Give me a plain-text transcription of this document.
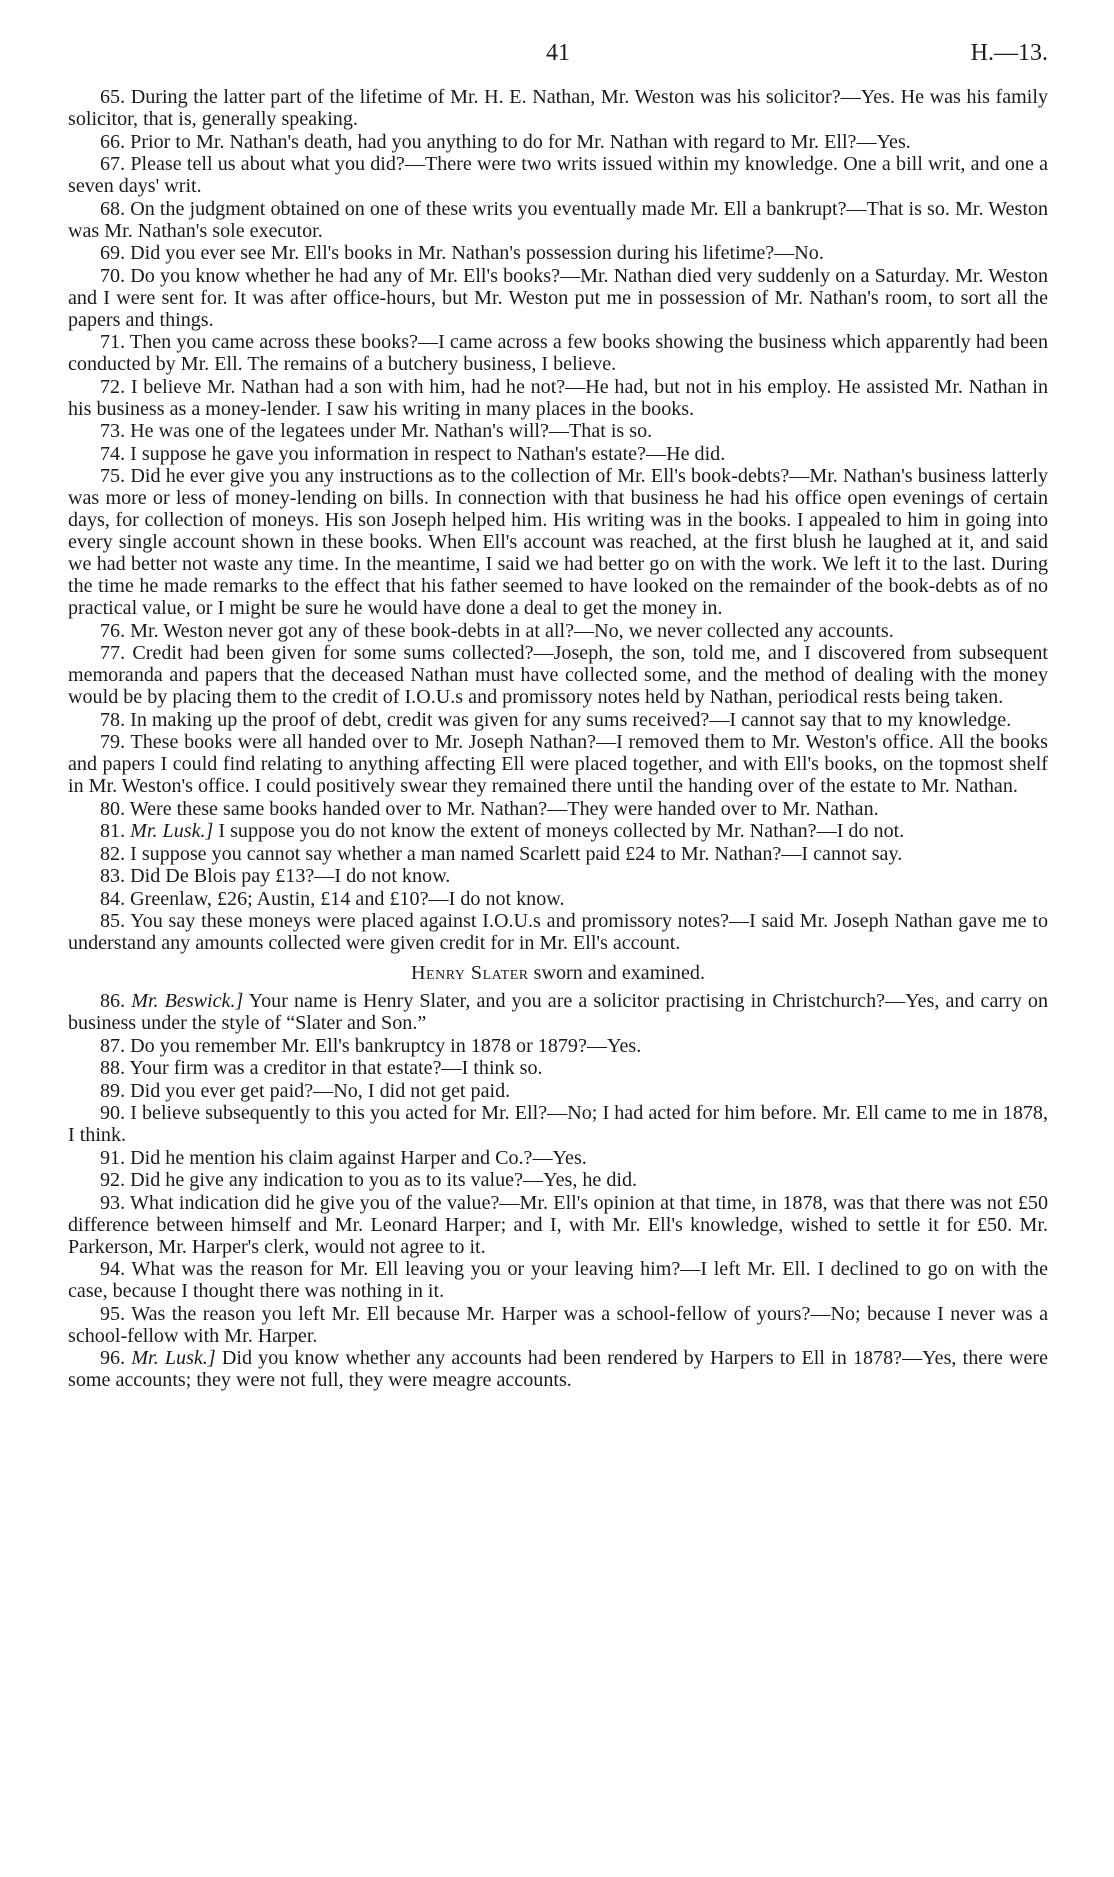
41	H.—13.

65. During the latter part of the lifetime of Mr. H. E. Nathan, Mr. Weston was his solicitor?—Yes. He was his family solicitor, that is, generally speaking.

66. Prior to Mr. Nathan's death, had you anything to do for Mr. Nathan with regard to Mr. Ell?—Yes.

67. Please tell us about what you did?—There were two writs issued within my knowledge. One a bill writ, and one a seven days' writ.

68. On the judgment obtained on one of these writs you eventually made Mr. Ell a bankrupt?—That is so. Mr. Weston was Mr. Nathan's sole executor.

69. Did you ever see Mr. Ell's books in Mr. Nathan's possession during his lifetime?—No.

70. Do you know whether he had any of Mr. Ell's books?—Mr. Nathan died very suddenly on a Saturday. Mr. Weston and I were sent for. It was after office-hours, but Mr. Weston put me in possession of Mr. Nathan's room, to sort all the papers and things.

71. Then you came across these books?—I came across a few books showing the business which apparently had been conducted by Mr. Ell. The remains of a butchery business, I believe.

72. I believe Mr. Nathan had a son with him, had he not?—He had, but not in his employ. He assisted Mr. Nathan in his business as a money-lender. I saw his writing in many places in the books.

73. He was one of the legatees under Mr. Nathan's will?—That is so.

74. I suppose he gave you information in respect to Nathan's estate?—He did.

75. Did he ever give you any instructions as to the collection of Mr. Ell's book-debts?—Mr. Nathan's business latterly was more or less of money-lending on bills. In connection with that business he had his office open evenings of certain days, for collection of moneys. His son Joseph helped him. His writing was in the books. I appealed to him in going into every single account shown in these books. When Ell's account was reached, at the first blush he laughed at it, and said we had better not waste any time. In the meantime, I said we had better go on with the work. We left it to the last. During the time he made remarks to the effect that his father seemed to have looked on the remainder of the book-debts as of no practical value, or I might be sure he would have done a deal to get the money in.

76. Mr. Weston never got any of these book-debts in at all?—No, we never collected any accounts.

77. Credit had been given for some sums collected?—Joseph, the son, told me, and I discovered from subsequent memoranda and papers that the deceased Nathan must have collected some, and the method of dealing with the money would be by placing them to the credit of I.O.U.s and promissory notes held by Nathan, periodical rests being taken.

78. In making up the proof of debt, credit was given for any sums received?—I cannot say that to my knowledge.

79. These books were all handed over to Mr. Joseph Nathan?—I removed them to Mr. Weston's office. All the books and papers I could find relating to anything affecting Ell were placed together, and with Ell's books, on the topmost shelf in Mr. Weston's office. I could positively swear they remained there until the handing over of the estate to Mr. Nathan.

80. Were these same books handed over to Mr. Nathan?—They were handed over to Mr. Nathan.

81. Mr. Lusk.] I suppose you do not know the extent of moneys collected by Mr. Nathan?—I do not.

82. I suppose you cannot say whether a man named Scarlett paid £24 to Mr. Nathan?—I cannot say.

83. Did De Blois pay £13?—I do not know.

84. Greenlaw, £26; Austin, £14 and £10?—I do not know.

85. You say these moneys were placed against I.O.U.s and promissory notes?—I said Mr. Joseph Nathan gave me to understand any amounts collected were given credit for in Mr. Ell's account.

Henry Slater sworn and examined.

86. Mr. Beswick.] Your name is Henry Slater, and you are a solicitor practising in Christchurch?—Yes, and carry on business under the style of “Slater and Son.”

87. Do you remember Mr. Ell's bankruptcy in 1878 or 1879?—Yes.

88. Your firm was a creditor in that estate?—I think so.

89. Did you ever get paid?—No, I did not get paid.

90. I believe subsequently to this you acted for Mr. Ell?—No; I had acted for him before. Mr. Ell came to me in 1878, I think.

91. Did he mention his claim against Harper and Co.?—Yes.

92. Did he give any indication to you as to its value?—Yes, he did.

93. What indication did he give you of the value?—Mr. Ell's opinion at that time, in 1878, was that there was not £50 difference between himself and Mr. Leonard Harper; and I, with Mr. Ell's knowledge, wished to settle it for £50. Mr. Parkerson, Mr. Harper's clerk, would not agree to it.

94. What was the reason for Mr. Ell leaving you or your leaving him?—I left Mr. Ell. I declined to go on with the case, because I thought there was nothing in it.

95. Was the reason you left Mr. Ell because Mr. Harper was a school-fellow of yours?—No; because I never was a school-fellow with Mr. Harper.

96. Mr. Lusk.] Did you know whether any accounts had been rendered by Harpers to Ell in 1878?—Yes, there were some accounts; they were not full, they were meagre accounts.
